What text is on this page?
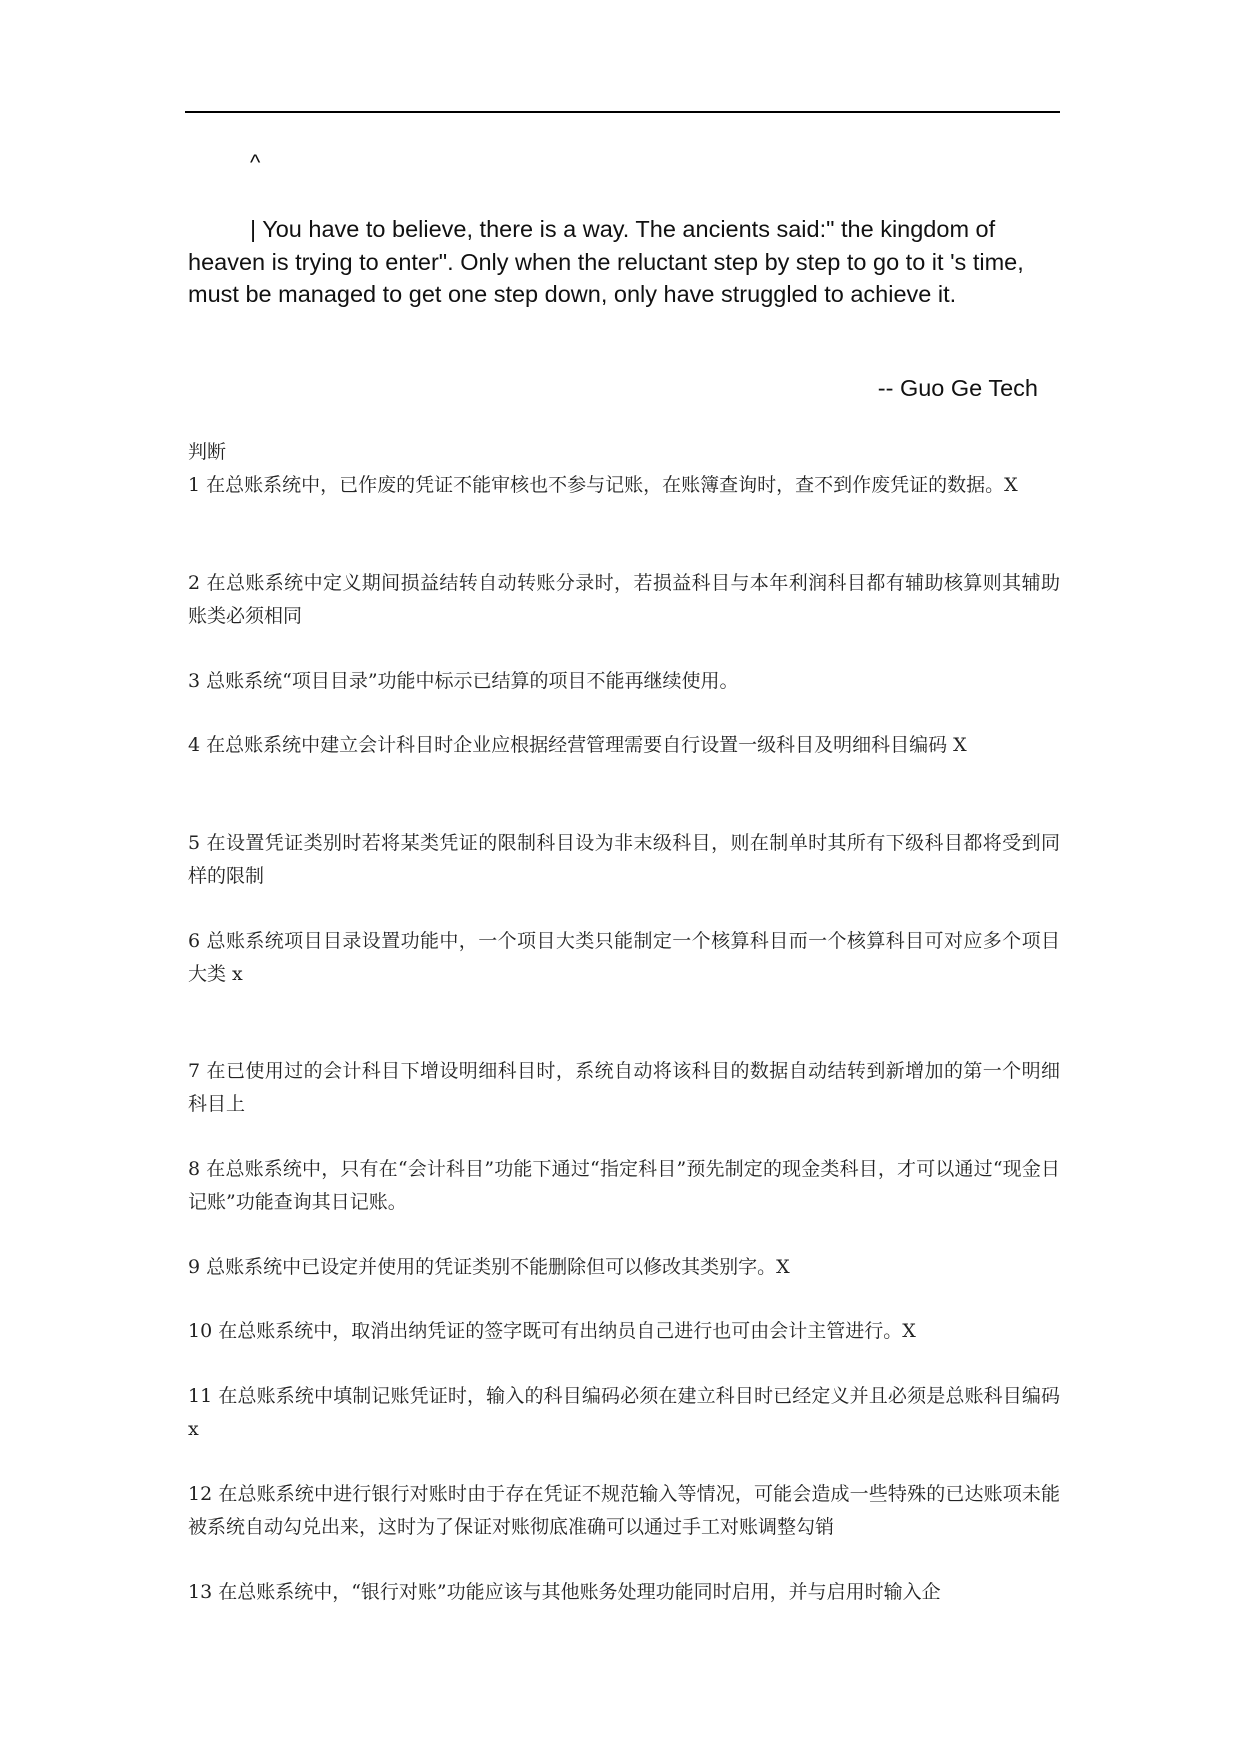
^

| You have to believe, there is a way. The ancients said:" the kingdom of heaven is trying to enter". Only when the reluctant step by step to go to it 's time, must be managed to get one step down, only have struggled to achieve it.

-- Guo Ge Tech
判断

1 在总账系统中，已作废的凭证不能审核也不参与记账，在账簿查询时，查不到作废凭证的数据。X

2 在总账系统中定义期间损益结转自动转账分录时，若损益科目与本年利润科目都有辅助核算则其辅助账类必须相同

3 总账系统“项目目录”功能中标示已结算的项目不能再继续使用。

4 在总账系统中建立会计科目时企业应根据经营管理需要自行设置一级科目及明细科目编码 X

5 在设置凭证类别时若将某类凭证的限制科目设为非末级科目，则在制单时其所有下级科目都将受到同样的限制

6 总账系统项目目录设置功能中，一个项目大类只能制定一个核算科目而一个核算科目可对应多个项目大类 x

7 在已使用过的会计科目下增设明细科目时，系统自动将该科目的数据自动结转到新增加的第一个明细科目上

8 在总账系统中，只有在“会计科目”功能下通过“指定科目”预先制定的现金类科目，才可以通过“现金日记账”功能查询其日记账。

9 总账系统中已设定并使用的凭证类别不能删除但可以修改其类别字。X

10 在总账系统中，取消出纳凭证的签字既可有出纳员自己进行也可由会计主管进行。X

11 在总账系统中填制记账凭证时，输入的科目编码必须在建立科目时已经定义并且必须是总账科目编码 x

12 在总账系统中进行银行对账时由于存在凭证不规范输入等情况，可能会造成一些特殊的已达账项未能被系统自动勾兑出来，这时为了保证对账彻底准确可以通过手工对账调整勾销

13 在总账系统中，“银行对账”功能应该与其他账务处理功能同时启用，并与启用时输入企
